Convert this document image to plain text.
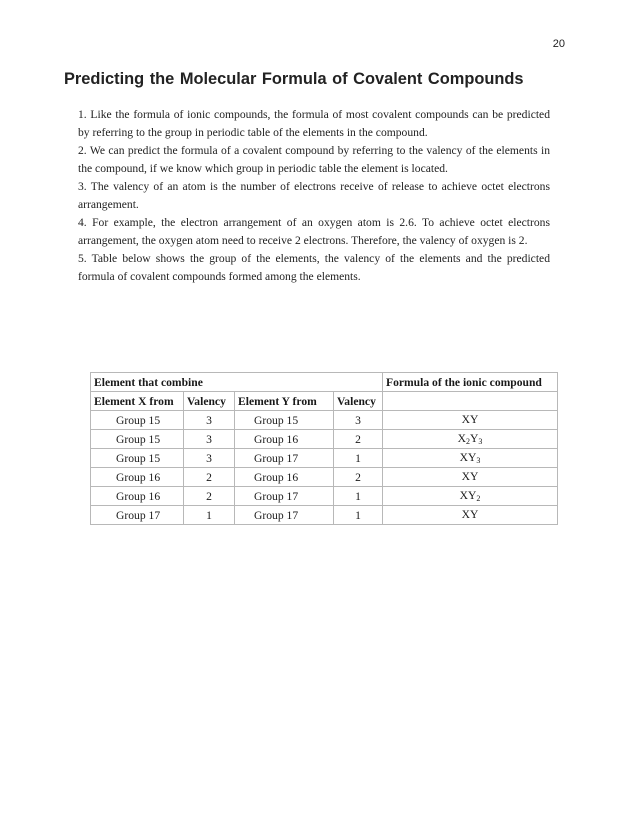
20
Predicting the Molecular Formula of Covalent Compounds

1. Like the formula of ionic compounds, the formula of most covalent compounds can be predicted by referring to the group in periodic table of the elements in the compound.

2. We can predict the formula of a covalent compound by referring to the valency of the elements in the compound, if we know which group in periodic table the element is located.

3. The valency of an atom is the number of electrons receive of release to achieve octet electrons arrangement.

4. For example, the electron arrangement of an oxygen atom is 2.6. To achieve octet electrons arrangement, the oxygen atom need to receive 2 electrons. Therefore, the valency of oxygen is 2.

5. Table below shows the group of the elements, the valency of the elements and the predicted formula of covalent compounds formed among the elements.

Element that combine				Formula of the ionic compound
Element X from	Valency	Element Y from	Valency	
Group 15	3	Group 15	3	XY
Group 15	3	Group 16	2	$X_2Y_3$
Group 15	3	Group 17	1	$XY_3$
Group 16	2	Group 16	2	XY
Group 16	2	Group 17	1	$XY_2$
Group 17	1	Group 17	1	XY
